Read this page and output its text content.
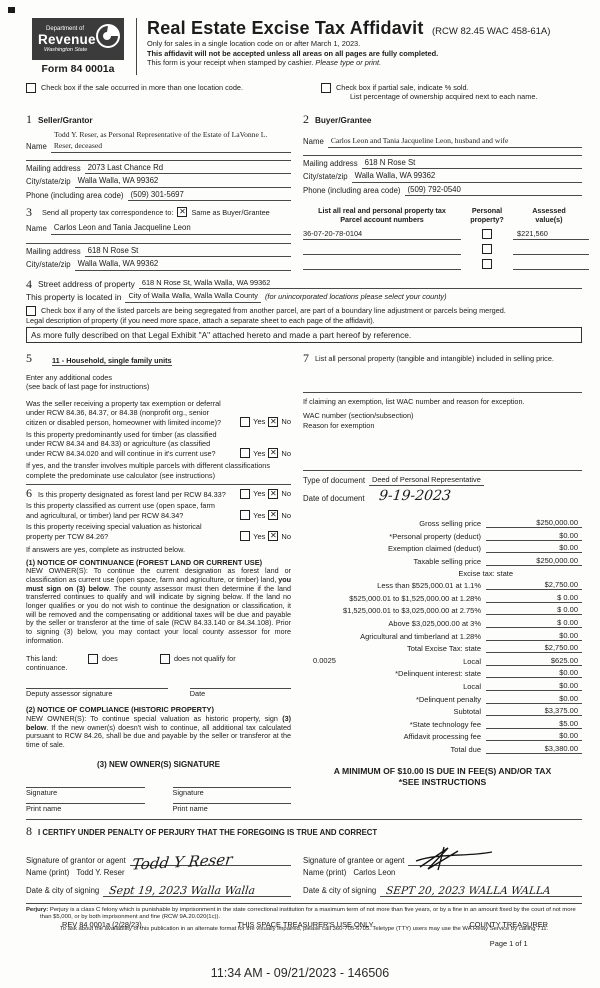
Department of
Revenue
Washington State
Form 84 0001a
Real Estate Excise Tax Affidavit (RCW 82.45 WAC 458-61A)
Only for sales in a single location code on or after March 1, 2023.
This affidavit will not be accepted unless all areas on all pages are fully completed.
This form is your receipt when stamped by cashier. Please type or print.
Check box if the sale occurred in more than one location code.	Check box if partial sale, indicate % sold.
List percentage of ownership acquired next to each name.
1 Seller/Grantor
Todd Y. Reser, as Personal Representative of the Estate of LaVonne L.
Name Reser, deceased
Mailing address 2073 Last Chance Rd
City/state/zip Walla Walla, WA 99362
Phone (including area code) (509) 301-5697
2 Buyer/Grantee
Name Carlos Leon and Tania Jacqueline Leon, husband and wife
Mailing address 618 N Rose St
City/state/zip Walla Walla, WA 99362
Phone (including area code) (509) 792-0540
3 Send all property tax correspondence to: ✕ Same as Buyer/Grantee
Name Carlos Leon and Tania Jacqueline Leon
Mailing address 618 N Rose St
City/state/zip Walla Walla, WA 99362
List all real and personal property tax
Parcel account numbers
Personal
property?
Assessed
value(s)
36-07-20-78-0104	$221,560
4 Street address of property 618 N Rose St, Walla Walla, WA 99362
This property is located in City of Walla Walla, Walla Walla County (for unincorporated locations please select your county)
Check box if any of the listed parcels are being segregated from another parcel, are part of a boundary line adjustment or parcels being merged.
Legal description of property (if you need more space, attach a separate sheet to each page of the affidavit).
As more fully described on that Legal Exhibit "A" attached hereto and made a part hereof by reference.
5	11 - Household, single family units
Enter any additional codes
(see back of last page for instructions)
Was the seller receiving a property tax exemption or deferral
under RCW 84.36, 84.37, or 84.38 (nonprofit org., senior
citizen or disabled person, homeowner with limited income)?	Yes ✕ No
Is this property predominantly used for timber (as classified
under RCW 84.34 and 84.33) or agriculture (as classified
under RCW 84.34.020 and will continue in it's current use?	Yes ✕ No
If yes, and the transfer involves multiple parcels with different classifications
complete the predominate use calculator (see instructions)
6 Is this property designated as forest land per RCW 84.33?	Yes ✕ No
Is this property classified as current use (open space, farm
and agricultural, or timber) land per RCW 84.34?	Yes ✕ No
Is this property receiving special valuation as historical
property per TCW 84.26?	Yes ✕ No
If answers are yes, complete as instructed below.
(1) NOTICE OF CONTINUANCE (FOREST LAND OR CURRENT USE)
NEW OWNER(S): To continue the current designation as forest land or classification as current use (open space, farm and agriculture, or timber) land, you must sign on (3) below. The county assessor must then determine if the land transferred continues to qualify and will indicate by signing below. If the land no longer qualifies or you do not wish to continue the designation or classification, it will be removed and the compensating or additional taxes will be due and payable by the seller or transferor at the time of sale (RCW 84.33.140 or 84.34.108). Prior to signing (3) below, you may contact your local county assessor for more information.
This land:
continuance.
does	does not qualify for
Deputy assessor signature	Date
(2) NOTICE OF COMPLIANCE (HISTORIC PROPERTY)
NEW OWNER(S): To continue special valuation as historic property, sign (3) below. If the new owner(s) doesn't wish to continue, all additional tax calculated pursuant to RCW 84.26, shall be due and payable by the seller or transferor at the time of sale.
(3) NEW OWNER(S) SIGNATURE
Signature	Signature
Print name	Print name
7 List all personal property (tangible and intangible) included in selling price.
If claiming an exemption, list WAC number and reason for exception.
WAC number (section/subsection)
Reason for exemption
Type of document Deed of Personal Representative
Date of document 9-19-2023
Gross selling price	$250,000.00
*Personal property (deduct)	$0.00
Exemption claimed (deduct)	$0.00
Taxable selling price	$250,000.00
Excise tax: state
Less than $525,000.01 at 1.1%	$2,750.00
$525,000.01 to $1,525,000.00 at 1.28%	$ 0.00
$1,525,000.01 to $3,025,000.00 at 2.75%	$ 0.00
Above $3,025,000.00 at 3%	$ 0.00
Agricultural and timberland at 1.28%	$0.00
Total Excise Tax: state	$2,750.00
0.0025	Local	$625.00
*Delinquent interest: state	$0.00
Local	$0.00
*Delinquent penalty	$0.00
Subtotal	$3,375.00
*State technology fee	$5.00
Affidavit processing fee	$0.00
Total due	$3,380.00
A MINIMUM OF $10.00 IS DUE IN FEE(S) AND/OR TAX
*SEE INSTRUCTIONS
8 I CERTIFY UNDER PENALTY OF PERJURY THAT THE FOREGOING IS TRUE AND CORRECT
Signature of grantor or agent Todd Y Reser
Name (print) Todd Y. Reser
Date & city of signing Sept 19, 2023 Walla Walla
Signature of grantee or agent
Name (print) Carlos Leon
Date & city of signing SEPT 20, 2023 WALLA WALLA
Perjury: Perjury is a class C felony which is punishable by imprisonment in the state correctional institution for a maximum term of not more than five years, or by a fine in an amount fixed by the court of not more than $5,000, or by both imprisonment and fine (RCW 9A.20.020(1c)).
To ask about the availability of this publication in an alternate format for the visually impaired, please call 360-705-6705. Teletype (TTY) users may use the WA Relay Service by calling 711.
REV 84 0001a (2/28/23)	THIS SPACE TREASURER'S USE ONLY	COUNTY TREASURER
Page 1 of 1
11:34 AM - 09/21/2023 - 146506
